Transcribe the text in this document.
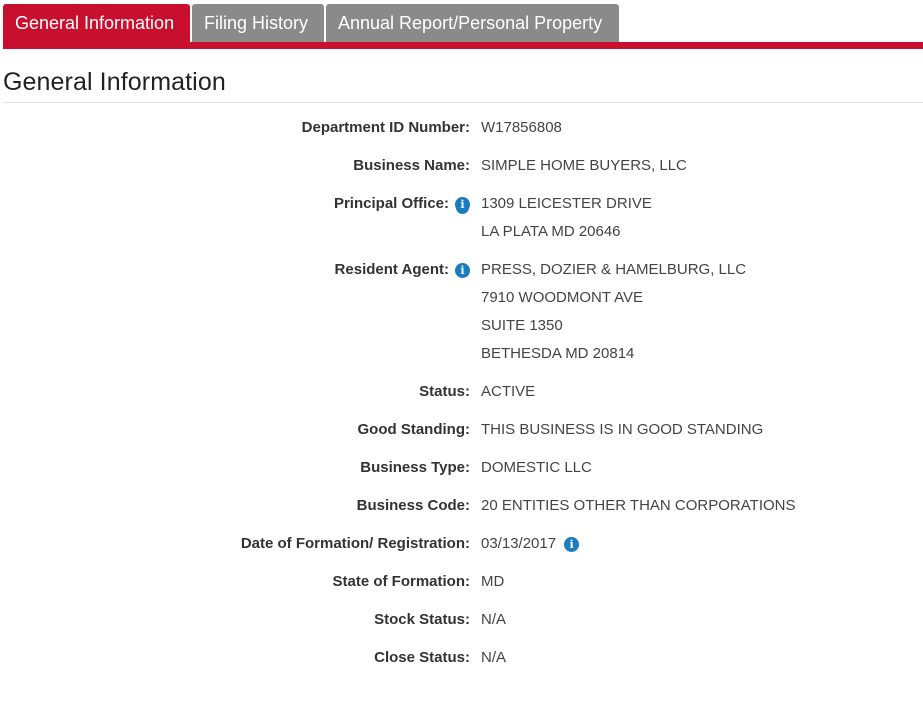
General Information	Filing History	Annual Report/Personal Property
General Information
Department ID Number: W17856808
Business Name: SIMPLE HOME BUYERS, LLC
Principal Office:	i	1309 LEICESTER DRIVE
LA PLATA MD 20646
Resident Agent:	i	PRESS, DOZIER & HAMELBURG, LLC
7910 WOODMONT AVE
SUITE 1350
BETHESDA MD 20814
Status: ACTIVE
Good Standing: THIS BUSINESS IS IN GOOD STANDING
Business Type: DOMESTIC LLC
Business Code: 20 ENTITIES OTHER THAN CORPORATIONS
Date of Formation/ Registration: 03/13/2017	i
State of Formation: MD
Stock Status: N/A
Close Status: N/A
